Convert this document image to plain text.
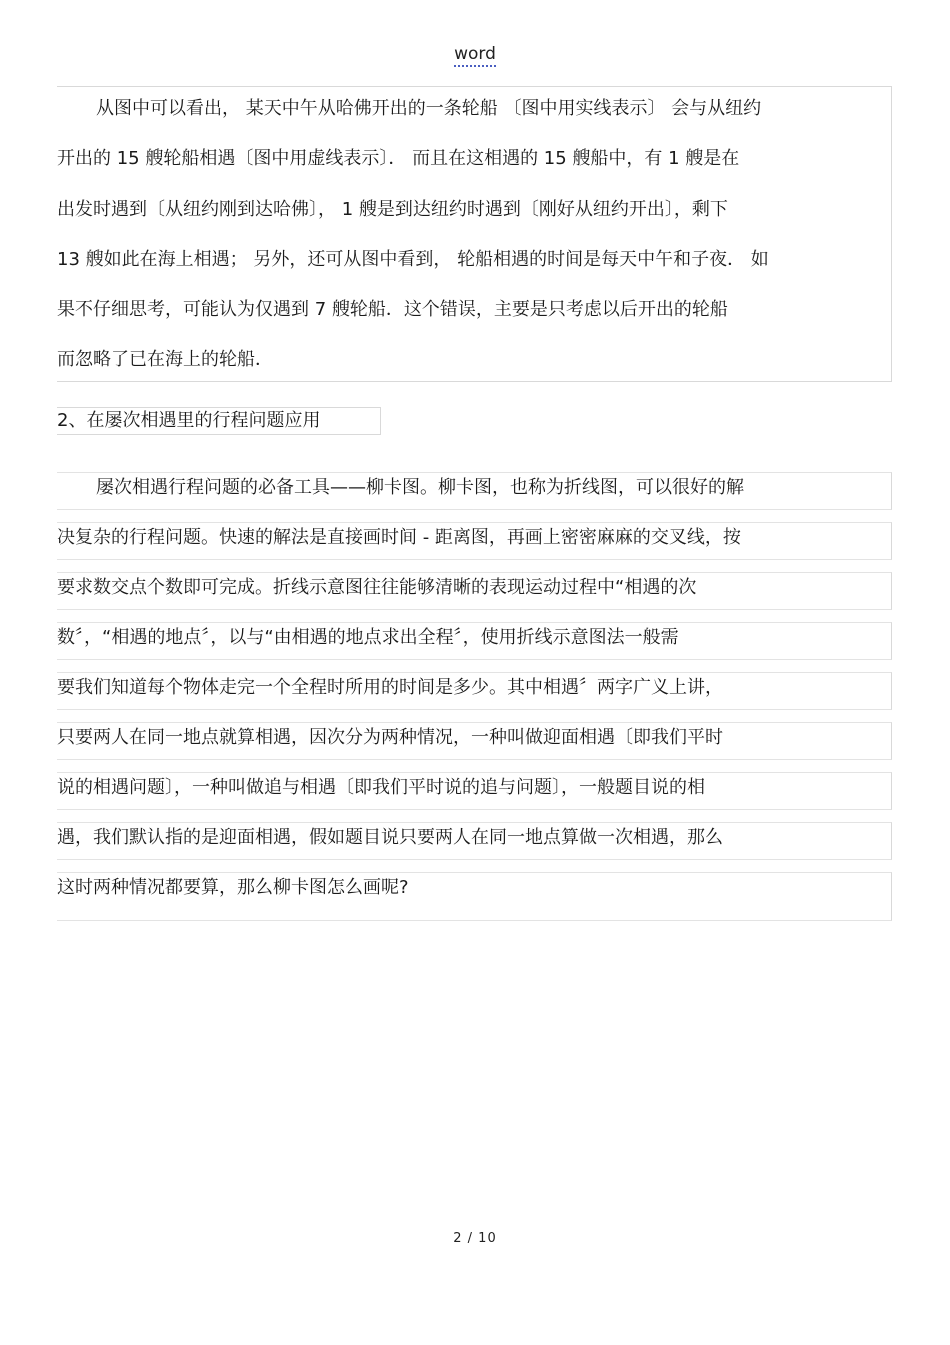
word
从图中可以看出， 某天中午从哈佛开出的一条轮船 〔图中用实线表示〕 会与从纽约
开出的 15 艘轮船相遇〔图中用虚线表示〕． 而且在这相遇的 15 艘船中，有 1 艘是在
出发时遇到〔从纽约刚到达哈佛〕， 1 艘是到达纽约时遇到〔刚好从纽约开出〕，剩下
13 艘如此在海上相遇； 另外，还可从图中看到， 轮船相遇的时间是每天中午和子夜． 如
果不仔细思考，可能认为仅遇到 7 艘轮船．这个错误，主要是只考虑以后开出的轮船
而忽略了已在海上的轮船．
2、在屡次相遇里的行程问题应用
屡次相遇行程问题的必备工具——柳卡图。柳卡图，也称为折线图，可以很好的解
决复杂的行程问题。快速的解法是直接画时间 - 距离图，再画上密密麻麻的交叉线，按
要求数交点个数即可完成。折线示意图往往能够清晰的表现运动过程中“相遇的次
数〞，“相遇的地点〞，以与“由相遇的地点求出全程〞，使用折线示意图法一般需
要我们知道每个物体走完一个全程时所用的时间是多少。其中相遇〞两字广义上讲，
只要两人在同一地点就算相遇，因次分为两种情况，一种叫做迎面相遇〔即我们平时
说的相遇问题〕，一种叫做追与相遇〔即我们平时说的追与问题〕，一般题目说的相
遇，我们默认指的是迎面相遇，假如题目说只要两人在同一地点算做一次相遇，那么
这时两种情况都要算，那么柳卡图怎么画呢?
2 / 10
